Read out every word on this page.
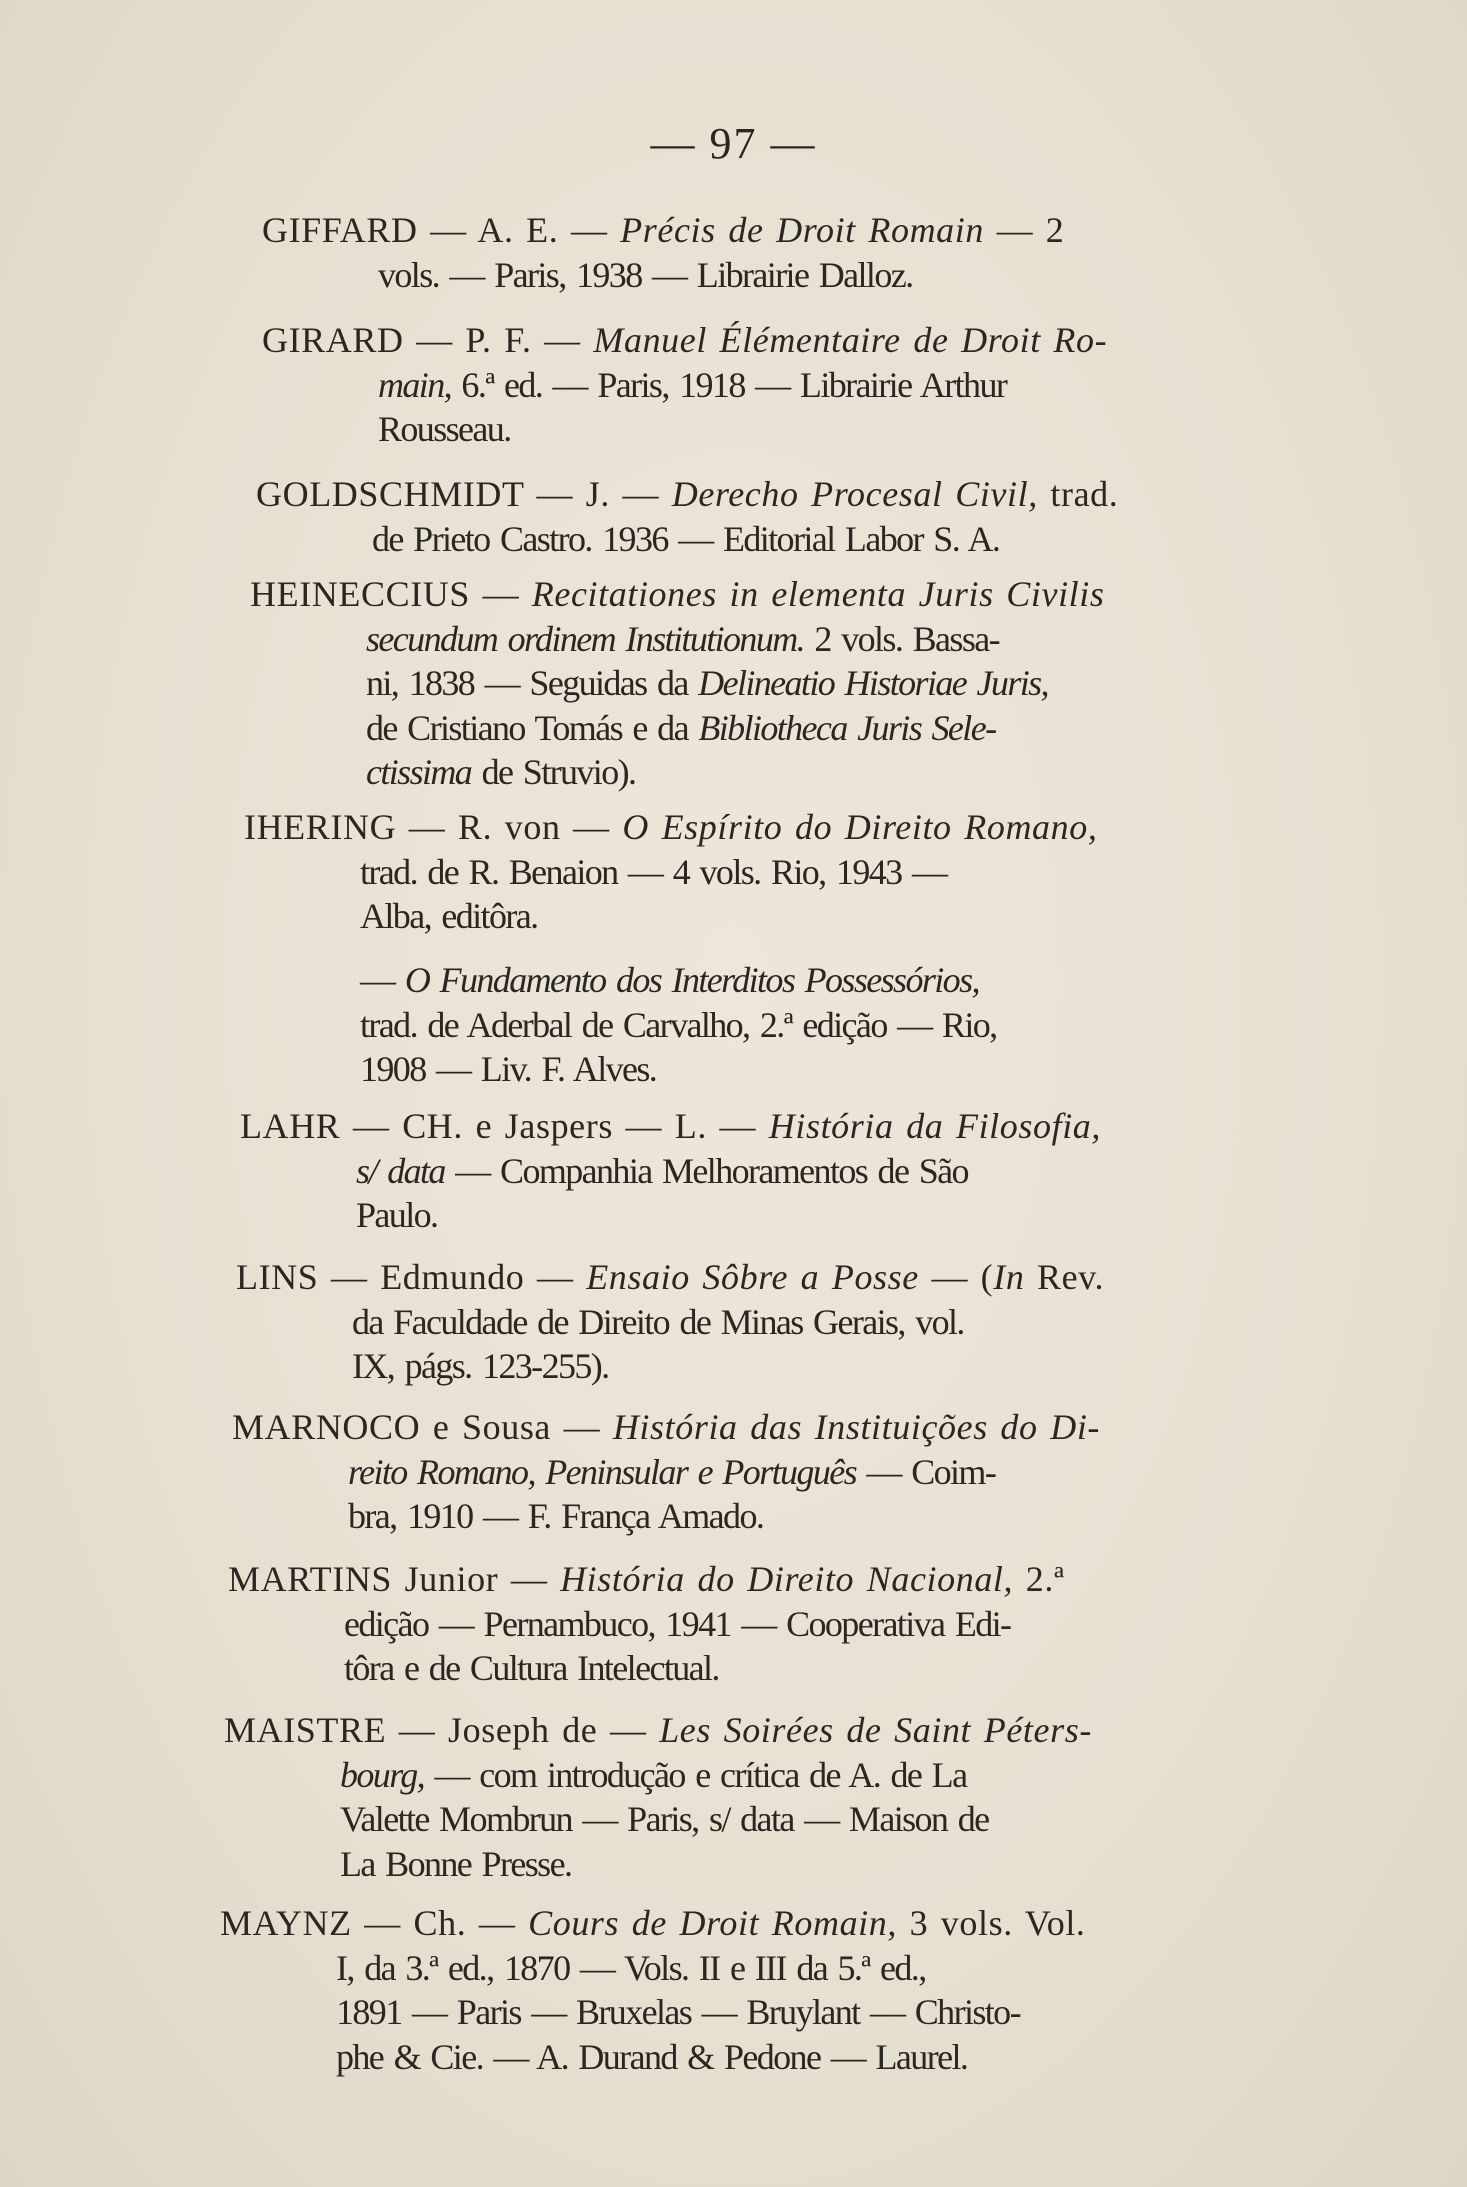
— 97 —
GIFFARD — A. E. — Précis de Droit Romain — 2
vols. — Paris, 1938 — Librairie Dalloz.
GIRARD — P. F. — Manuel Élémentaire de Droit Ro-
main, 6.ª ed. — Paris, 1918 — Librairie Arthur
Rousseau.
GOLDSCHMIDT — J. — Derecho Procesal Civil, trad.
de Prieto Castro. 1936 — Editorial Labor S. A.
HEINECCIUS — Recitationes in elementa Juris Civilis
secundum ordinem Institutionum. 2 vols. Bassa-
ni, 1838 — Seguidas da Delineatio Historiae Juris,
de Cristiano Tomás e da Bibliotheca Juris Sele-
ctissima de Struvio).
IHERING — R. von — O Espírito do Direito Romano,
trad. de R. Benaion — 4 vols. Rio, 1943 —
Alba, editôra.
— O Fundamento dos Interditos Possessórios,
trad. de Aderbal de Carvalho, 2.ª edição — Rio,
1908 — Liv. F. Alves.
LAHR — CH. e Jaspers — L. — História da Filosofia,
s/ data — Companhia Melhoramentos de São
Paulo.
LINS — Edmundo — Ensaio Sôbre a Posse — (In Rev.
da Faculdade de Direito de Minas Gerais, vol.
IX, págs. 123-255).
MARNOCO e Sousa — História das Instituições do Di-
reito Romano, Peninsular e Português — Coim-
bra, 1910 — F. França Amado.
MARTINS Junior — História do Direito Nacional, 2.ª
edição — Pernambuco, 1941 — Cooperativa Edi-
tôra e de Cultura Intelectual.
MAISTRE — Joseph de — Les Soirées de Saint Péters-
bourg, — com introdução e crítica de A. de La
Valette Mombrun — Paris, s/ data — Maison de
La Bonne Presse.
MAYNZ — Ch. — Cours de Droit Romain, 3 vols. Vol.
I, da 3.ª ed., 1870 — Vols. II e III da 5.ª ed.,
1891 — Paris — Bruxelas — Bruylant — Christo-
phe & Cie. — A. Durand & Pedone — Laurel.
